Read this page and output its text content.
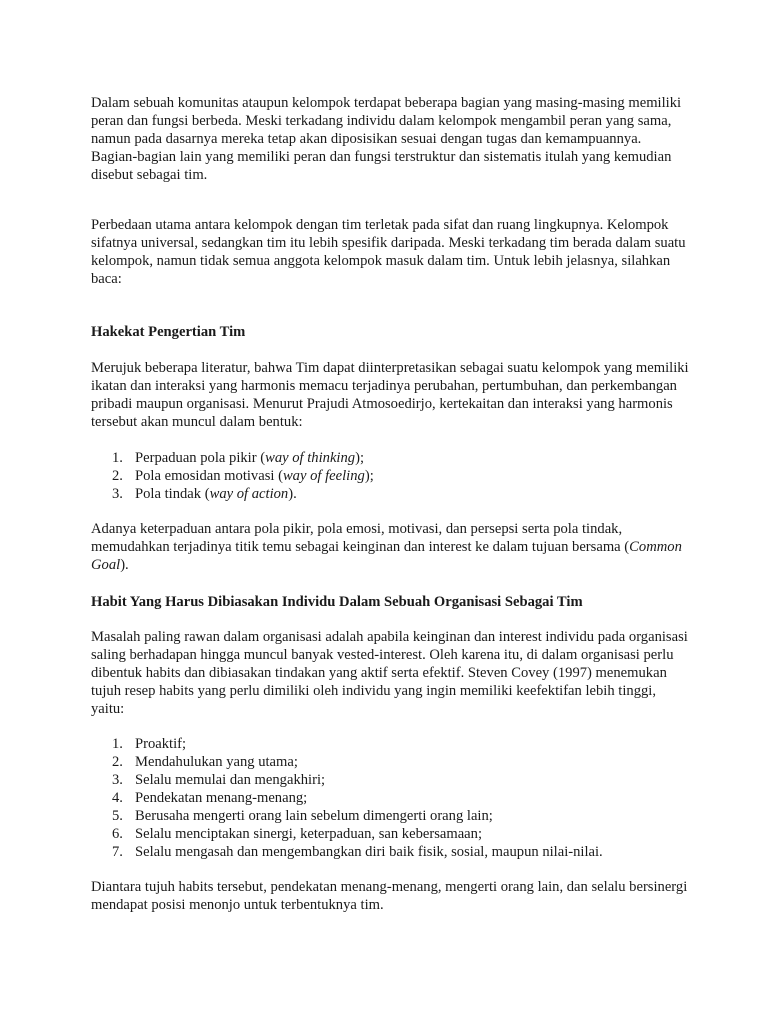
Dalam sebuah komunitas ataupun kelompok terdapat beberapa bagian yang masing-masing memiliki peran dan fungsi berbeda. Meski terkadang individu dalam kelompok mengambil peran yang sama, namun pada dasarnya mereka tetap akan diposisikan sesuai dengan tugas dan kemampuannya. Bagian-bagian lain yang memiliki peran dan fungsi terstruktur dan sistematis itulah yang kemudian disebut sebagai tim.

Perbedaan utama antara kelompok dengan tim terletak pada sifat dan ruang lingkupnya. Kelompok sifatnya universal, sedangkan tim itu lebih spesifik daripada. Meski terkadang tim berada dalam suatu kelompok, namun tidak semua anggota kelompok masuk dalam tim. Untuk lebih jelasnya, silahkan baca:

Hakekat Pengertian Tim

Merujuk beberapa literatur, bahwa Tim dapat diinterpretasikan sebagai suatu kelompok yang memiliki ikatan dan interaksi yang harmonis memacu terjadinya perubahan, pertumbuhan, dan perkembangan pribadi maupun organisasi. Menurut Prajudi Atmosoedirjo, kertekaitan dan interaksi yang harmonis tersebut akan muncul dalam bentuk:

1. Perpaduan pola pikir (way of thinking);
2. Pola emosidan motivasi (way of feeling);
3. Pola tindak (way of action).

Adanya keterpaduan antara pola pikir, pola emosi, motivasi, dan persepsi serta pola tindak, memudahkan terjadinya titik temu sebagai keinginan dan interest ke dalam tujuan bersama (Common Goal).

Habit Yang Harus Dibiasakan Individu Dalam Sebuah Organisasi Sebagai Tim

Masalah paling rawan dalam organisasi adalah apabila keinginan dan interest individu pada organisasi saling berhadapan hingga muncul banyak vested-interest. Oleh karena itu, di dalam organisasi perlu dibentuk habits dan dibiasakan tindakan yang aktif serta efektif. Steven Covey (1997) menemukan tujuh resep habits yang perlu dimiliki oleh individu yang ingin memiliki keefektifan lebih tinggi, yaitu:

1. Proaktif;
2. Mendahulukan yang utama;
3. Selalu memulai dan mengakhiri;
4. Pendekatan menang-menang;
5. Berusaha mengerti orang lain sebelum dimengerti orang lain;
6. Selalu menciptakan sinergi, keterpaduan, san kebersamaan;
7. Selalu mengasah dan mengembangkan diri baik fisik, sosial, maupun nilai-nilai.

Diantara tujuh habits tersebut, pendekatan menang-menang, mengerti orang lain, dan selalu bersinergi mendapat posisi menonjo untuk terbentuknya tim.
